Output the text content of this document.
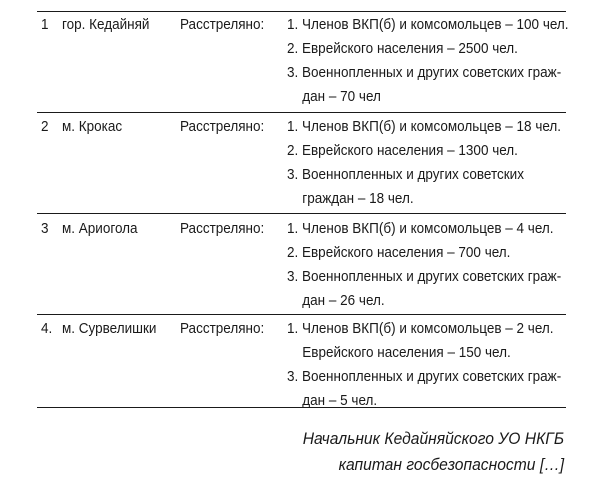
1 гор. Кедайняй Расстреляно: 1. Членов ВКП(б) и комсомольцев – 100 чел.
2. Еврейского населения – 2500 чел.
3. Военнопленных и других советских граж-
дан – 70 чел
2 м. Крокас	Расстреляно: 1. Членов ВКП(б) и комсомольцев – 18 чел.
2. Еврейского населения – 1300 чел.
3. Военнопленных и других советских
граждан – 18 чел.
3 м. Ариогола	Расстреляно: 1. Членов ВКП(б) и комсомольцев – 4 чел.
2. Еврейского населения – 700 чел.
3. Военнопленных и других советских граж-
дан – 26 чел.
4. м. Сурвелишки Расстреляно: 1. Членов ВКП(б) и комсомольцев – 2 чел.
Еврейского населения – 150 чел.
3. Военнопленных и других советских граж-
дан – 5 чел.
Начальник Кедайняйского УО НКГБ
капитан госбезопасности […]
